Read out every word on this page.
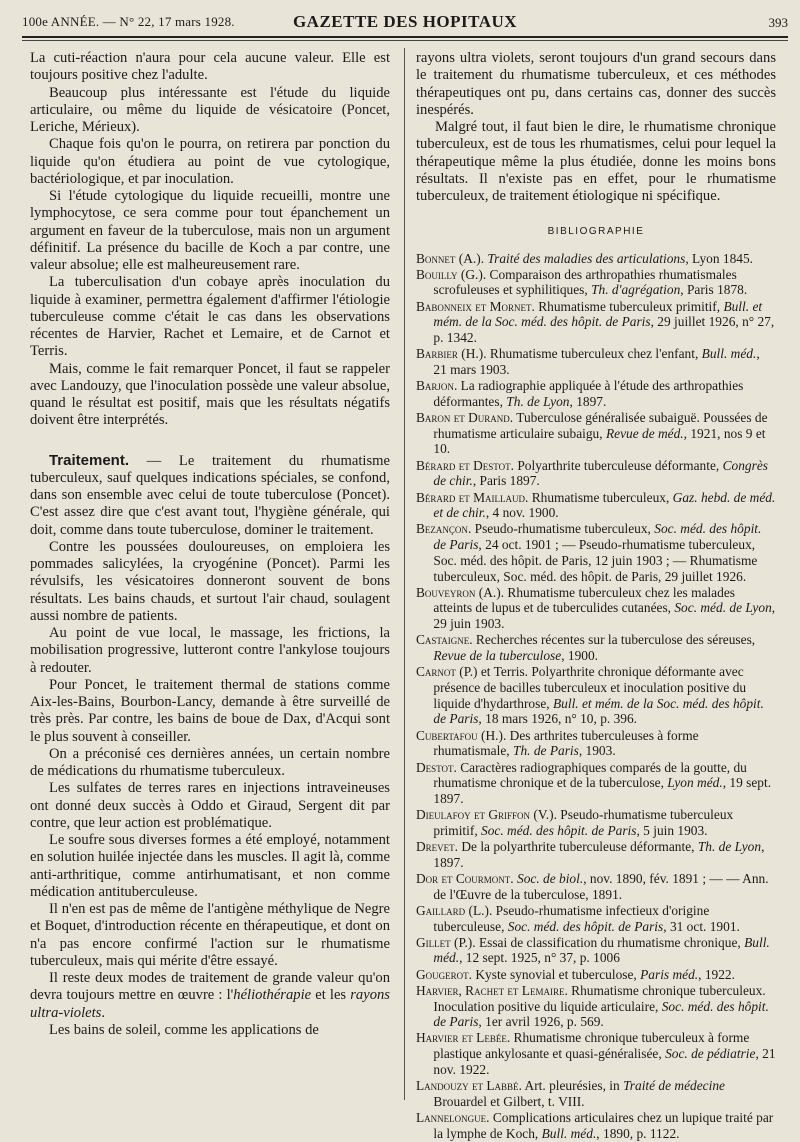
100e ANNÉE. — N° 22, 17 mars 1928.	GAZETTE DES HOPITAUX	393

La cuti-réaction n'aura pour cela aucune valeur. Elle est toujours positive chez l'adulte.

Beaucoup plus intéressante est l'étude du liquide articulaire, ou même du liquide de vésicatoire (Poncet, Leriche, Mérieux).

Chaque fois qu'on le pourra, on retirera par ponction du liquide qu'on étudiera au point de vue cytologique, bactériologique, et par inoculation.

Si l'étude cytologique du liquide recueilli, montre une lymphocytose, ce sera comme pour tout épanchement un argument en faveur de la tuberculose, mais non un argument définitif. La présence du bacille de Koch a par contre, une valeur absolue; elle est malheureusement rare.

La tuberculisation d'un cobaye après inoculation du liquide à examiner, permettra également d'affirmer l'étiologie tuberculeuse comme c'était le cas dans les observations récentes de Harvier, Rachet et Lemaire, et de Carnot et Terris.

Mais, comme le fait remarquer Poncet, il faut se rappeler avec Landouzy, que l'inoculation possède une valeur absolue, quand le résultat est positif, mais que les résultats négatifs doivent être interprétés.

Traitement. — Le traitement du rhumatisme tuberculeux, sauf quelques indications spéciales, se confond, dans son ensemble avec celui de toute tuberculose (Poncet). C'est assez dire que c'est avant tout, l'hygiène générale, qui doit, comme dans toute tuberculose, dominer le traitement.

Contre les poussées douloureuses, on emploiera les pommades salicylées, la cryogénine (Poncet). Parmi les révulsifs, les vésicatoires donneront souvent de bons résultats. Les bains chauds, et surtout l'air chaud, soulagent aussi nombre de patients.

Au point de vue local, le massage, les frictions, la mobilisation progressive, lutteront contre l'ankylose toujours à redouter.

Pour Poncet, le traitement thermal de stations comme Aix-les-Bains, Bourbon-Lancy, demande à être surveillé de très près. Par contre, les bains de boue de Dax, d'Acqui sont le plus souvent à conseiller.

On a préconisé ces dernières années, un certain nombre de médications du rhumatisme tuberculeux.

Les sulfates de terres rares en injections intraveineuses ont donné deux succès à Oddo et Giraud, Sergent dit par contre, que leur action est problématique.

Le soufre sous diverses formes a été employé, notamment en solution huilée injectée dans les muscles. Il agit là, comme anti-arthritique, comme antirhumatisant, et non comme médication antituberculeuse.

Il n'en est pas de même de l'antigène méthylique de Negre et Boquet, d'introduction récente en thérapeutique, et dont on n'a pas encore confirmé l'action sur le rhumatisme tuberculeux, mais qui mérite d'être essayé.

Il reste deux modes de traitement de grande valeur qu'on devra toujours mettre en œuvre : l'héliothérapie et les rayons ultra-violets.

Les bains de soleil, comme les applications de

rayons ultra violets, seront toujours d'un grand secours dans le traitement du rhumatisme tuberculeux, et ces méthodes thérapeutiques ont pu, dans certains cas, donner des succès inespérés.

Malgré tout, il faut bien le dire, le rhumatisme chronique tuberculeux, est de tous les rhumatismes, celui pour lequel la thérapeutique même la plus étudiée, donne les moins bons résultats. Il n'existe pas en effet, pour le rhumatisme tuberculeux, de traitement étiologique ni spécifique.

BIBLIOGRAPHIE
Bonnet (A.). Traité des maladies des articulations, Lyon 1845.
Bouilly (G.). Comparaison des arthropathies rhumatismales scrofuleuses et syphilitiques, Th. d'agrégation, Paris 1878.
Babonneix et Mornet. Rhumatisme tuberculeux primitif, Bull. et mém. de la Soc. méd. des hôpit. de Paris, 29 juillet 1926, n° 27, p. 1342.
Barbier (H.). Rhumatisme tuberculeux chez l'enfant, Bull. méd., 21 mars 1903.
Barjon. La radiographie appliquée à l'étude des arthropathies déformantes, Th. de Lyon, 1897.
Baron et Durand. Tuberculose généralisée subaiguë. Poussées de rhumatisme articulaire subaigu, Revue de méd., 1921, nos 9 et 10.
Bérard et Destot. Polyarthrite tuberculeuse déformante, Congrès de chir., Paris 1897.
Bérard et Maillaud. Rhumatisme tuberculeux, Gaz. hebd. de méd. et de chir., 4 nov. 1900.
Bezançon. Pseudo-rhumatisme tuberculeux, Soc. méd. des hôpit. de Paris, 24 oct. 1901 ; — Pseudo-rhumatisme tuberculeux, Soc. méd. des hôpit. de Paris, 12 juin 1903 ; — Rhumatisme tuberculeux, Soc. méd. des hôpit. de Paris, 29 juillet 1926.
Bouveyron (A.). Rhumatisme tuberculeux chez les malades atteints de lupus et de tuberculides cutanées, Soc. méd. de Lyon, 29 juin 1903.
Castaigne. Recherches récentes sur la tuberculose des séreuses, Revue de la tuberculose, 1900.
Carnot (P.) et Terris. Polyarthrite chronique déformante avec présence de bacilles tuberculeux et inoculation positive du liquide d'hydarthrose, Bull. et mém. de la Soc. méd. des hôpit. de Paris, 18 mars 1926, n° 10, p. 396.
Cubertafou (H.). Des arthrites tuberculeuses à forme rhumatismale, Th. de Paris, 1903.
Destot. Caractères radiographiques comparés de la goutte, du rhumatisme chronique et de la tuberculose, Lyon méd., 19 sept. 1897.
Dieulafoy et Griffon (V.). Pseudo-rhumatisme tuberculeux primitif, Soc. méd. des hôpit. de Paris, 5 juin 1903.
Drevet. De la polyarthrite tuberculeuse déformante, Th. de Lyon, 1897.
Dor et Courmont. Soc. de biol., nov. 1890, fév. 1891 ; — — Ann. de l'Œuvre de la tuberculose, 1891.
Gaillard (L.). Pseudo-rhumatisme infectieux d'origine tuberculeuse, Soc. méd. des hôpit. de Paris, 31 oct. 1901.
Gillet (P.). Essai de classification du rhumatisme chronique, Bull. méd., 12 sept. 1925, n° 37, p. 1006
Gougerot. Kyste synovial et tuberculose, Paris méd., 1922.
Harvier, Rachet et Lemaire. Rhumatisme chronique tuberculeux. Inoculation positive du liquide articulaire, Soc. méd. des hôpit. de Paris, 1er avril 1926, p. 569.
Harvier et Lebée. Rhumatisme chronique tuberculeux à forme plastique ankylosante et quasi-généralisée, Soc. de pédiatrie, 21 nov. 1922.
Landouzy et Labbé. Art. pleurésies, in Traité de médecine Brouardel et Gilbert, t. VIII.
Lannelongue. Complications articulaires chez un lupique traité par la lymphe de Koch, Bull. méd., 1890, p. 1122.
